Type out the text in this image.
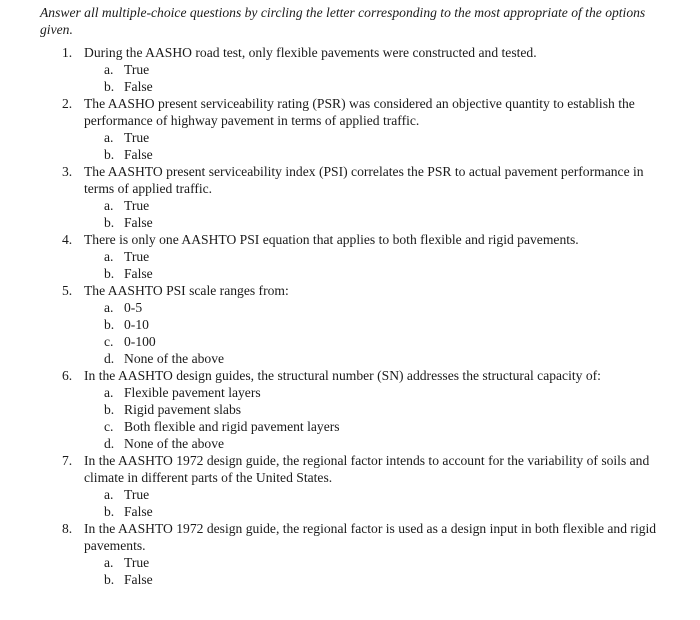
Answer all multiple-choice questions by circling the letter corresponding to the most appropriate of the options given.
1. During the AASHO road test, only flexible pavements were constructed and tested.
a. True
b. False
2. The AASHO present serviceability rating (PSR) was considered an objective quantity to establish the performance of highway pavement in terms of applied traffic.
a. True
b. False
3. The AASHTO present serviceability index (PSI) correlates the PSR to actual pavement performance in terms of applied traffic.
a. True
b. False
4. There is only one AASHTO PSI equation that applies to both flexible and rigid pavements.
a. True
b. False
5. The AASHTO PSI scale ranges from:
a. 0-5
b. 0-10
c. 0-100
d. None of the above
6. In the AASHTO design guides, the structural number (SN) addresses the structural capacity of:
a. Flexible pavement layers
b. Rigid pavement slabs
c. Both flexible and rigid pavement layers
d. None of the above
7. In the AASHTO 1972 design guide, the regional factor intends to account for the variability of soils and climate in different parts of the United States.
a. True
b. False
8. In the AASHTO 1972 design guide, the regional factor is used as a design input in both flexible and rigid pavements.
a. True
b. False
